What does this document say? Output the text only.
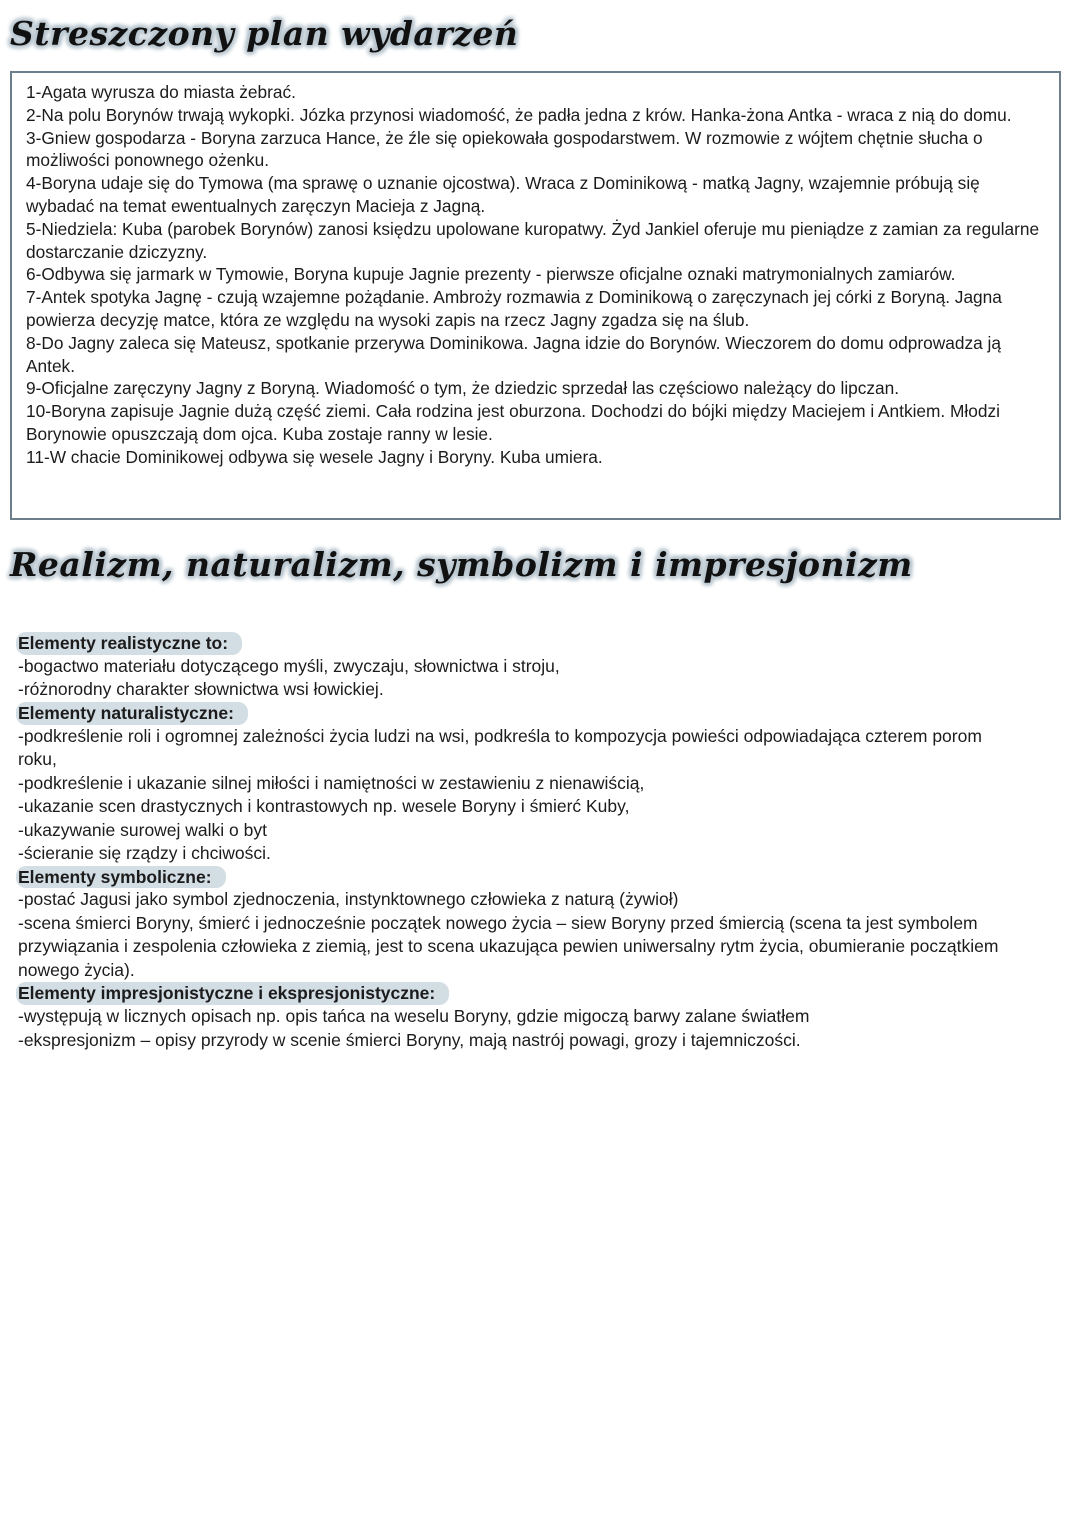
Streszczony plan wydarzeń
1-Agata wyrusza do miasta żebrać.
2-Na polu Borynów trwają wykopki. Józka przynosi wiadomość, że padła jedna z krów. Hanka-żona Antka - wraca z nią do domu.
3-Gniew gospodarza - Boryna zarzuca Hance, że źle się opiekowała gospodarstwem. W rozmowie z wójtem chętnie słucha o możliwości ponownego ożenku.
4-Boryna udaje się do Tymowa (ma sprawę o uznanie ojcostwa). Wraca z Dominikową - matką Jagny, wzajemnie próbują się wybadać na temat ewentualnych zaręczyn Macieja z Jagną.
5-Niedziela: Kuba (parobek Borynów) zanosi księdzu upolowane kuropatwy. Żyd Jankiel oferuje mu pieniądze z zamian za regularne dostarczanie dziczyzny.
6-Odbywa się jarmark w Tymowie, Boryna kupuje Jagnie prezenty - pierwsze oficjalne oznaki matrymonialnych zamiarów.
7-Antek spotyka Jagnę - czują wzajemne pożądanie. Ambroży rozmawia z Dominikową o zaręczynach jej córki z Boryną. Jagna powierza decyzję matce, która ze względu na wysoki zapis na rzecz Jagny zgadza się na ślub.
8-Do Jagny zaleca się Mateusz, spotkanie przerywa Dominikowa. Jagna idzie do Borynów. Wieczorem do domu odprowadza ją Antek.
9-Oficjalne zaręczyny Jagny z Boryną. Wiadomość o tym, że dziedzic sprzedał las częściowo należący do lipczan.
10-Boryna zapisuje Jagnie dużą część ziemi. Cała rodzina jest oburzona. Dochodzi do bójki między Maciejem i Antkiem. Młodzi Borynowie opuszczają dom ojca. Kuba zostaje ranny w lesie.
11-W chacie Dominikowej odbywa się wesele Jagny i Boryny. Kuba umiera.
Realizm, naturalizm, symbolizm i impresjonizm
Elementy realistyczne to:
-bogactwo materiału dotyczącego myśli, zwyczaju, słownictwa i stroju,
-różnorodny charakter słownictwa wsi łowickiej.
Elementy naturalistyczne:
-podkreślenie roli i ogromnej zależności życia ludzi na wsi, podkreśla to kompozycja powieści odpowiadająca czterem porom roku,
-podkreślenie i ukazanie silnej miłości i namiętności w zestawieniu z nienawiścią,
-ukazanie scen drastycznych i kontrastowych np. wesele Boryny i śmierć Kuby,
-ukazywanie surowej walki o byt
-ścieranie się rządzy i chciwości.
Elementy symboliczne:
-postać Jagusi jako symbol zjednoczenia, instynktownego człowieka z naturą (żywioł)
-scena śmierci Boryny, śmierć i jednocześnie początek nowego życia – siew Boryny przed śmiercią (scena ta jest symbolem przywiązania i zespolenia człowieka z ziemią, jest to scena ukazująca pewien uniwersalny rytm życia, obumieranie początkiem nowego życia).
Elementy impresjonistyczne i ekspresjonistyczne:
-występują w licznych opisach np. opis tańca na weselu Boryny, gdzie migoczą barwy zalane światłem
-ekspresjonizm – opisy przyrody w scenie śmierci Boryny, mają nastrój powagi, grozy i tajemniczości.
